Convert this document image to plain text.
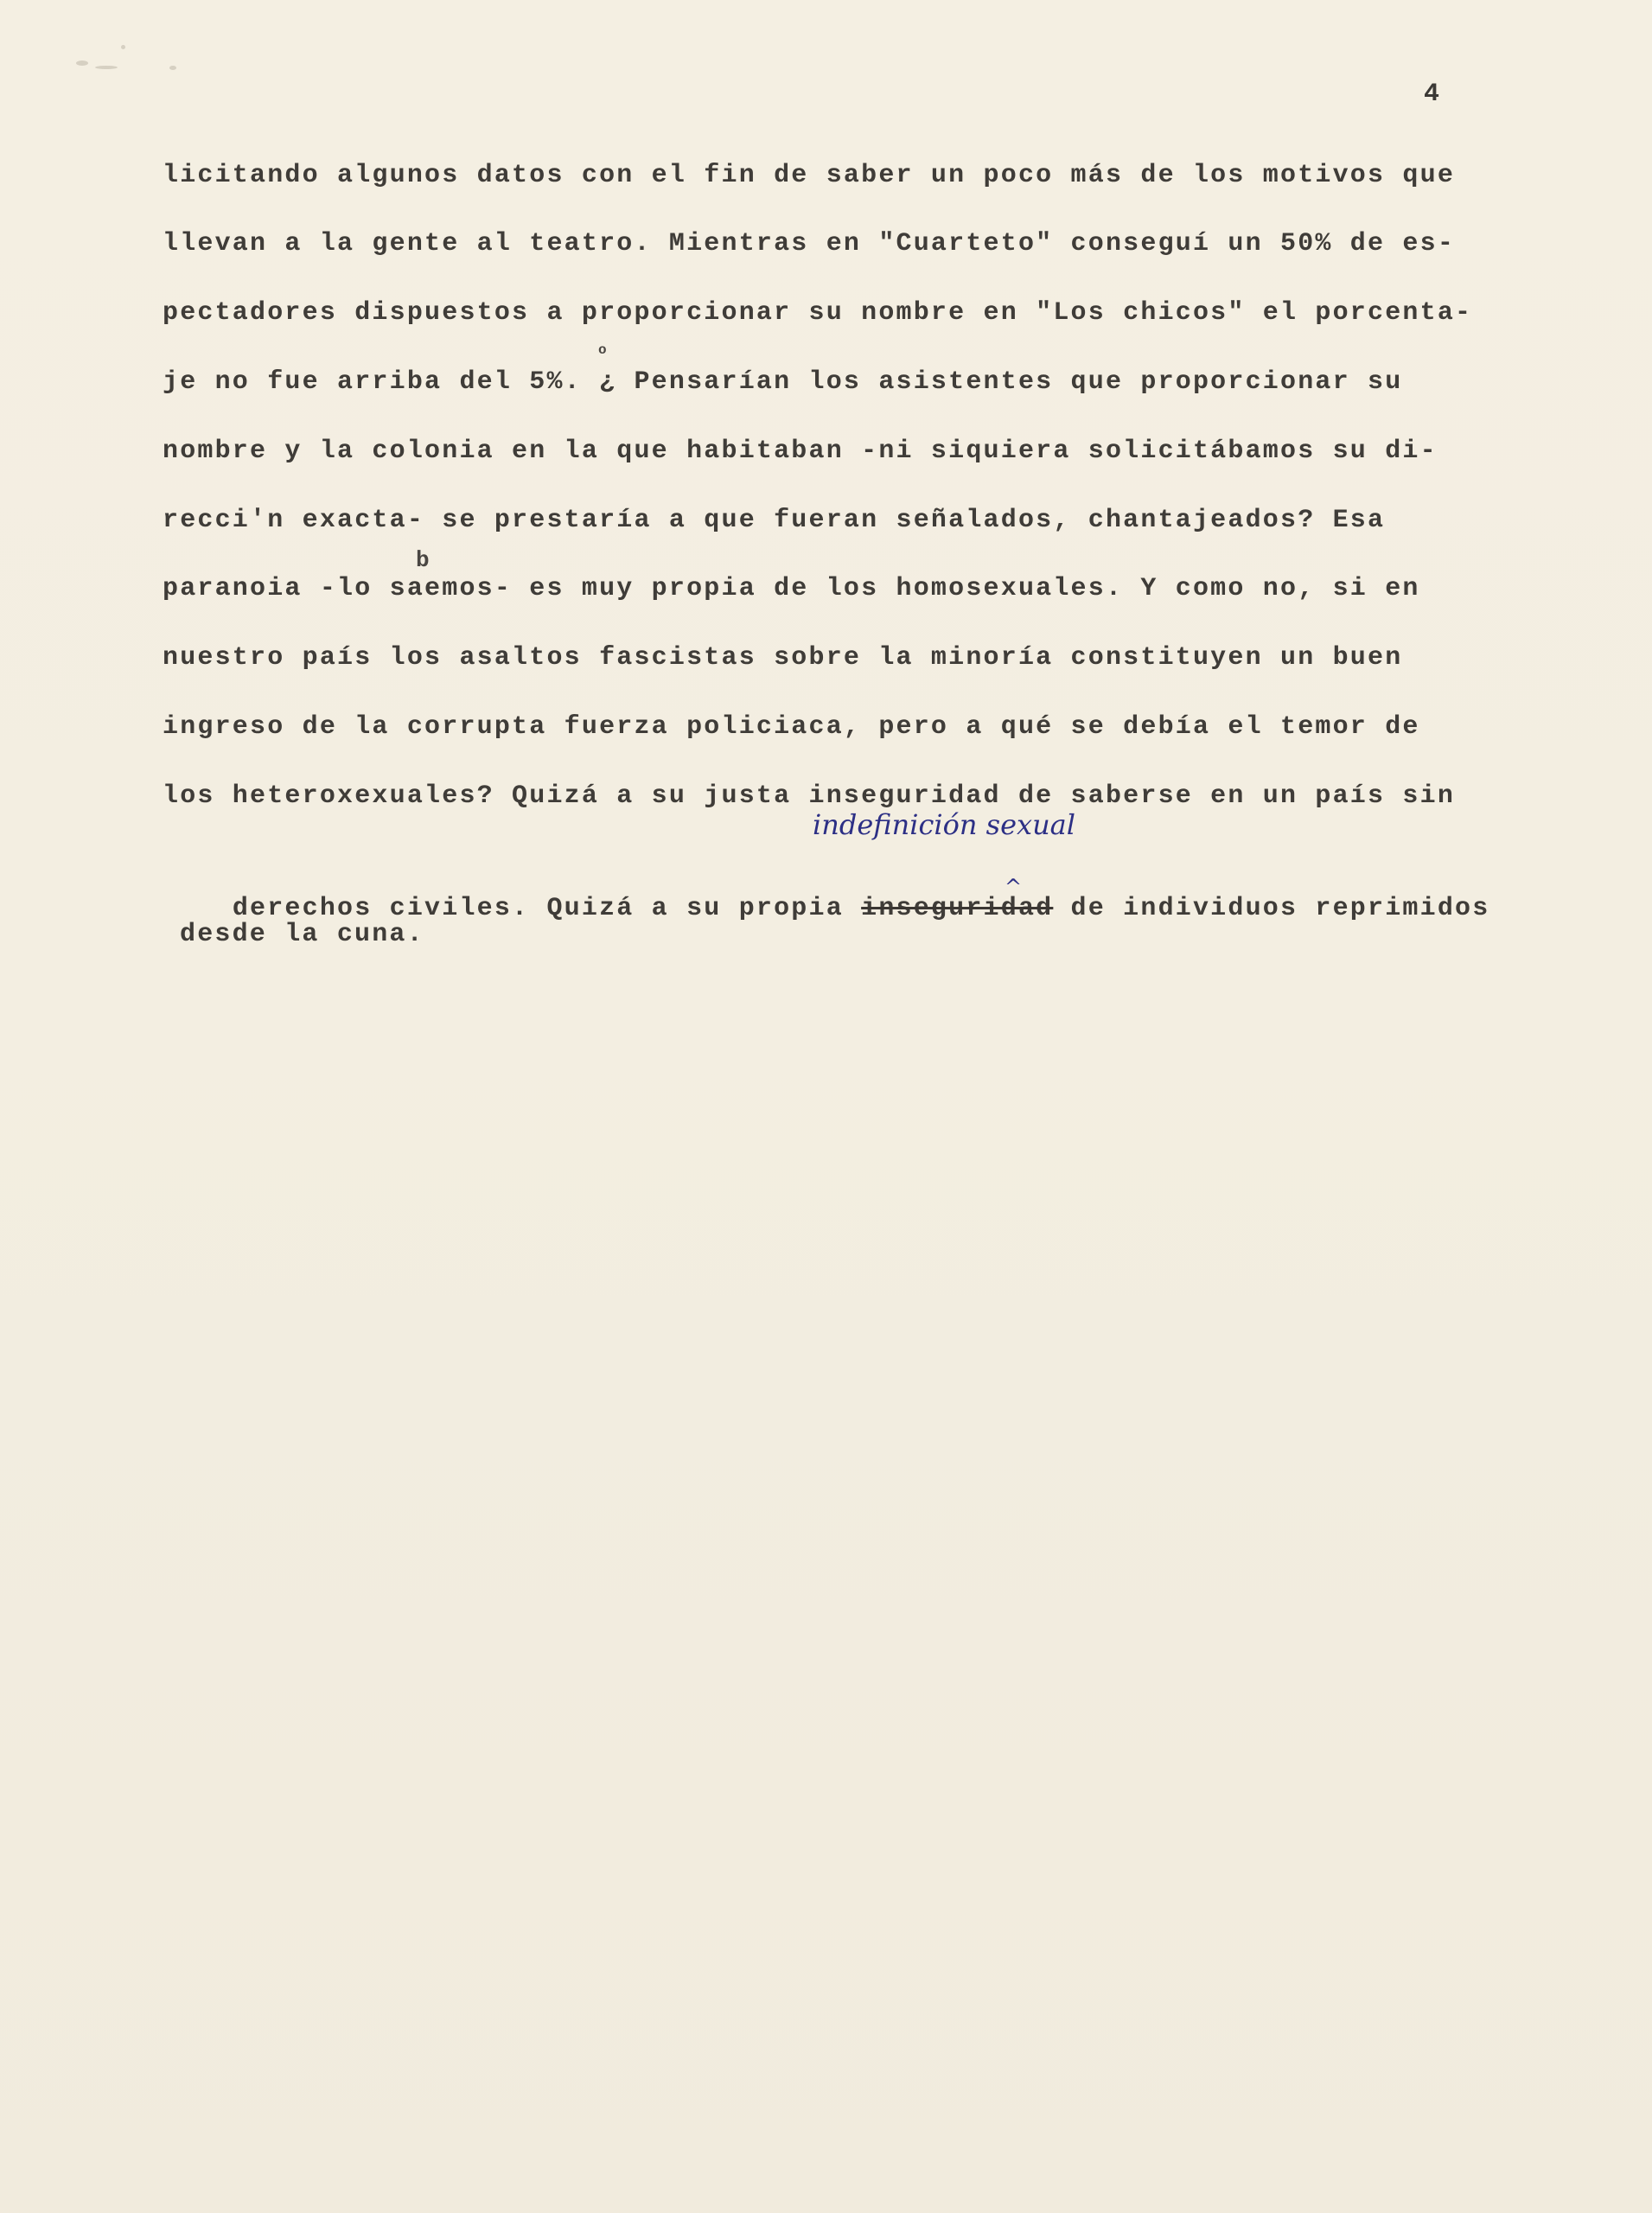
4
licitando algunos datos con el fin de saber un poco más de los motivos que
llevan a la gente al teatro. Mientras en "Cuarteto" conseguí un 50% de es-
pectadores dispuestos a proporcionar su nombre en "Los chicos" el porcenta-
o
je no fue arriba del 5%. ¿ Pensarían los asistentes que proporcionar su
nombre y la colonia en la que habitaban -ni siquiera solicitábamos su di-
recci'n exacta- se prestaría a que fueran señalados, chantajeados? Esa
b
paranoia -lo saemos- es muy propia de los homosexuales. Y como no, si en
nuestro país los asaltos fascistas sobre la minoría constituyen un buen
ingreso de la corrupta fuerza policiaca, pero a qué se debía el temor de
los heteroxexuales? Quizá a su justa inseguridad de saberse en un país sin
indefinición sexual

derechos civiles. Quizá a su propia inseguridad de individuos reprimidos

^
desde la cuna.
